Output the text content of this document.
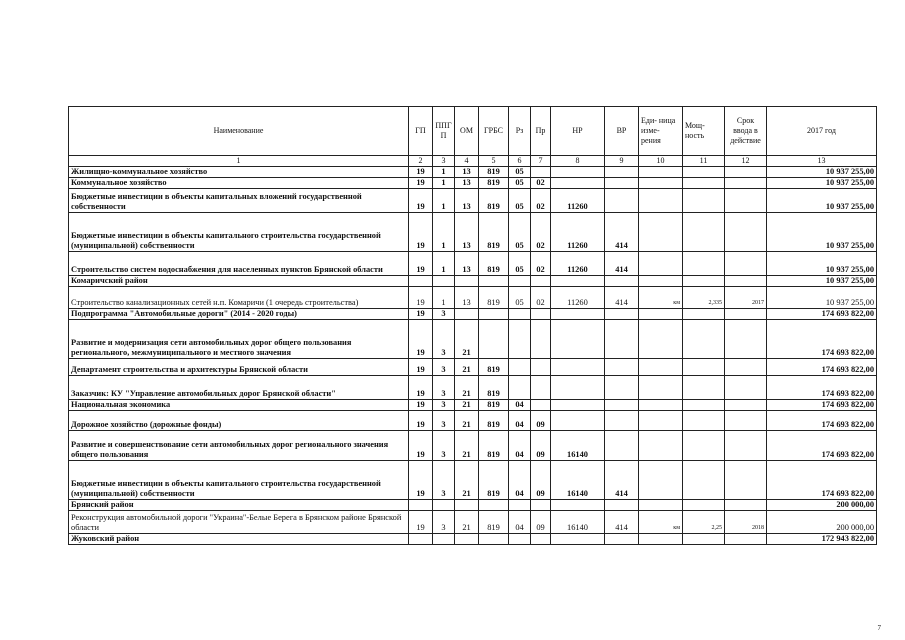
Наименование	ГП	ППГ П	ОМ	ГРБС	Рз	Пр	НР	ВР	Еди- ница изме- рения	Мощ- ность	Срок ввода в действие	2017 год
1	2	3	4	5	6	7	8	9	10	11	12	13
Жилищно-коммунальное хозяйство	19	1	13	819	05							10 937 255,00
Коммунальное хозяйство	19	1	13	819	05	02						10 937 255,00
Бюджетные инвестиции в объекты капитальных вложений государственной собственности	19	1	13	819	05	02	11260					10 937 255,00
Бюджетные инвестиции в объекты капитального строительства государственной (муниципальной) собственности	19	1	13	819	05	02	11260	414				10 937 255,00
Строительство систем водоснабжения для населенных пунктов Брянской области	19	1	13	819	05	02	11260	414				10 937 255,00
Комаричский район												10 937 255,00
Строительство канализационных сетей н.п. Комаричи (1 очередь строительства)	19	1	13	819	05	02	11260	414	км	2,335	2017	10 937 255,00
Подпрограмма "Автомобильные дороги" (2014 - 2020 годы)	19	3										174 693 822,00
Развитие и модернизация сети автомобильных дорог общего пользования регионального, межмуниципального и местного значения	19	3	21									174 693 822,00
Департамент строительства и архитектуры Брянской области	19	3	21	819								174 693 822,00
Заказчик: КУ "Управление автомобильных дорог Брянской области"	19	3	21	819								174 693 822,00
Национальная экономика	19	3	21	819	04							174 693 822,00
Дорожное хозяйство (дорожные фонды)	19	3	21	819	04	09						174 693 822,00
Развитие и совершенствование сети автомобильных дорог регионального значения общего пользования	19	3	21	819	04	09	16140					174 693 822,00
Бюджетные инвестиции в объекты капитального строительства государственной (муниципальной) собственности	19	3	21	819	04	09	16140	414				174 693 822,00
Брянский район												200 000,00
Реконструкция автомобильной дороги "Украина"-Белые Берега в Брянском районе Брянской области	19	3	21	819	04	09	16140	414	км	2,25	2018	200 000,00
Жуковский район												172 943 822,00
7
